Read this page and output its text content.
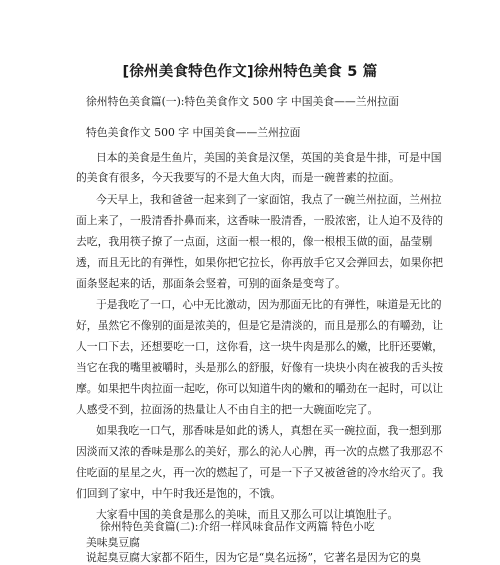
[徐州美食特色作文]徐州特色美食 5 篇
徐州特色美食篇(一):特色美食作文 500 字 中国美食——兰州拉面
特色美食作文 500 字 中国美食——兰州拉面
日本的美食是生鱼片，美国的美食是汉堡，英国的美食是牛排，可是中国
的美食有很多，今天我要写的不是大鱼大肉，而是一碗普素的拉面。
今天早上，我和爸爸一起来到了一家面馆，我点了一碗兰州拉面，兰州拉
面上来了，一股清香扑鼻而来，这香味一股清香，一股浓密，让人迫不及待的
去吃，我用筷子撩了一点面，这面一根一根的，像一根根玉做的面，晶莹剔
透，而且无比的有弹性，如果你把它拉长，你再放手它又会弹回去，如果你把
面条竖起来的话，那面条会竖着，可别的面条是变弯了。
于是我吃了一口，心中无比激动，因为那面无比的有弹性，味道是无比的
好，虽然它不像别的面是浓美的，但是它是清淡的，而且是那么的有嚼劲，让
人一口下去，还想要吃一口，这你看，这一块牛肉是那么的嫩，比肝还要嫩，
当它在我的嘴里被嚼时，头是那么的舒服，好像有一块块小肉在被我的舌头按
摩。如果把牛肉拉面一起吃，你可以知道牛肉的嫩和的嚼劲在一起时，可以让
人感受不到，拉面汤的热量让人不由自主的把一大碗面吃完了。
如果我吃一口气，那香味是如此的诱人，真想在买一碗拉面，我一想到那
因淡而又浓的香味是那么的美好，那么的沁人心脾，再一次的点燃了我那忍不
住吃面的星星之火，再一次的燃起了，可是一下子又被爸爸的冷水给灭了。我
们回到了家中，中午时我还是饱的，不饿。
大家看中国的美食是那么的美味，而且又那么可以让填饱肚子。
徐州特色美食篇(二):介绍一样风味食品作文两篇 特色小吃
美味臭豆腐
说起臭豆腐大家都不陌生，因为它是“臭名远扬”，它著名是因为它的臭
